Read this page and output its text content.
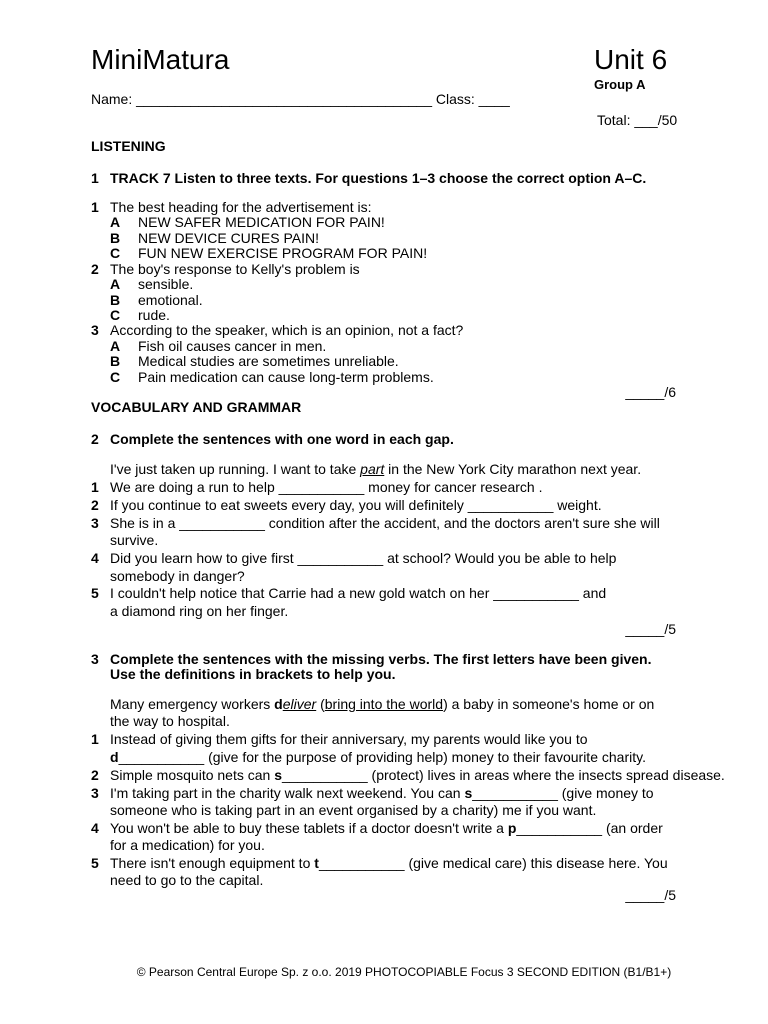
MiniMatura	Unit 6
Group A
Name: ______________________________________ Class: ____
Total: ___/50
LISTENING
1 TRACK 7 Listen to three texts. For questions 1–3 choose the correct option A–C.
1 The best heading for the advertisement is:
A NEW SAFER MEDICATION FOR PAIN!
B NEW DEVICE CURES PAIN!
C FUN NEW EXERCISE PROGRAM FOR PAIN!
2 The boy's response to Kelly's problem is
A sensible.
B emotional.
C rude.
3 According to the speaker, which is an opinion, not a fact?
A Fish oil causes cancer in men.
B Medical studies are sometimes unreliable.
C Pain medication can cause long-term problems.
_____/6
VOCABULARY AND GRAMMAR
2 Complete the sentences with one word in each gap.
I've just taken up running. I want to take part in the New York City marathon next year.
1 We are doing a run to help ___________ money for cancer research .
2 If you continue to eat sweets every day, you will definitely ___________ weight.
3 She is in a ___________ condition after the accident, and the doctors aren't sure she will
survive.
4 Did you learn how to give first ___________ at school? Would you be able to help
somebody in danger?
5 I couldn't help notice that Carrie had a new gold watch on her ___________ and
a diamond ring on her finger.
_____/5
3 Complete the sentences with the missing verbs. The first letters have been given.
Use the definitions in brackets to help you.
Many emergency workers deliver (bring into the world) a baby in someone's home or on
the way to hospital.
1 Instead of giving them gifts for their anniversary, my parents would like you to
d___________ (give for the purpose of providing help) money to their favourite charity.
2 Simple mosquito nets can s___________ (protect) lives in areas where the insects spread disease.
3 I'm taking part in the charity walk next weekend. You can s___________ (give money to
someone who is taking part in an event organised by a charity) me if you want.
4 You won't be able to buy these tablets if a doctor doesn't write a p___________ (an order
for a medication) for you.
5 There isn't enough equipment to t___________ (give medical care) this disease here. You
need to go to the capital.
_____/5
© Pearson Central Europe Sp. z o.o. 2019 PHOTOCOPIABLE Focus 3 SECOND EDITION (B1/B1+)
